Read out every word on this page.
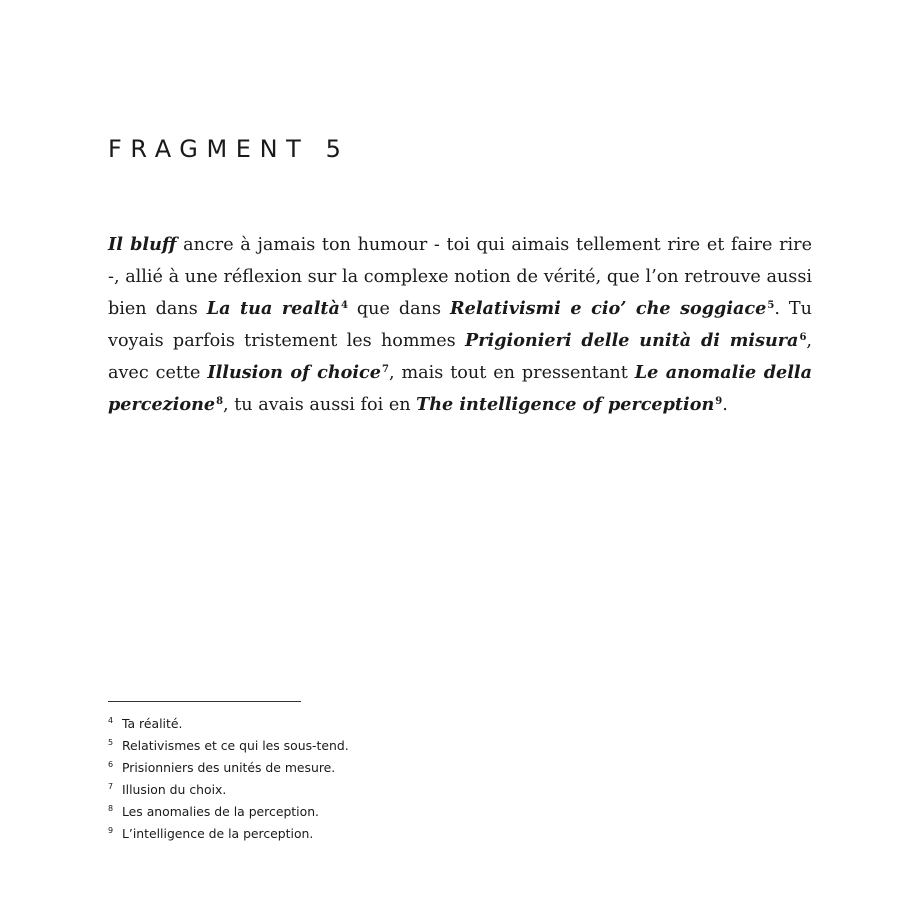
FRAGMENT 5

Il bluff ancre à jamais ton humour - toi qui aimais tellement rire et faire rire -, allié à une réflexion sur la complexe notion de vérité, que l’on retrouve aussi bien dans La tua realtà$^4$ que dans Relativismi e cio’ che soggiace$^5$. Tu voyais parfois tristement les hommes Prigionieri delle unità di misura$^6$, avec cette Illusion of choice$^7$, mais tout en pressentant Le anomalie della percezione$^8$, tu avais aussi foi en The intelligence of perception$^9$.

4 Ta réalité.
5 Relativismes et ce qui les sous-tend.
6 Prisionniers des unités de mesure.
7 Illusion du choix.
8 Les anomalies de la perception.
9 L’intelligence de la perception.
